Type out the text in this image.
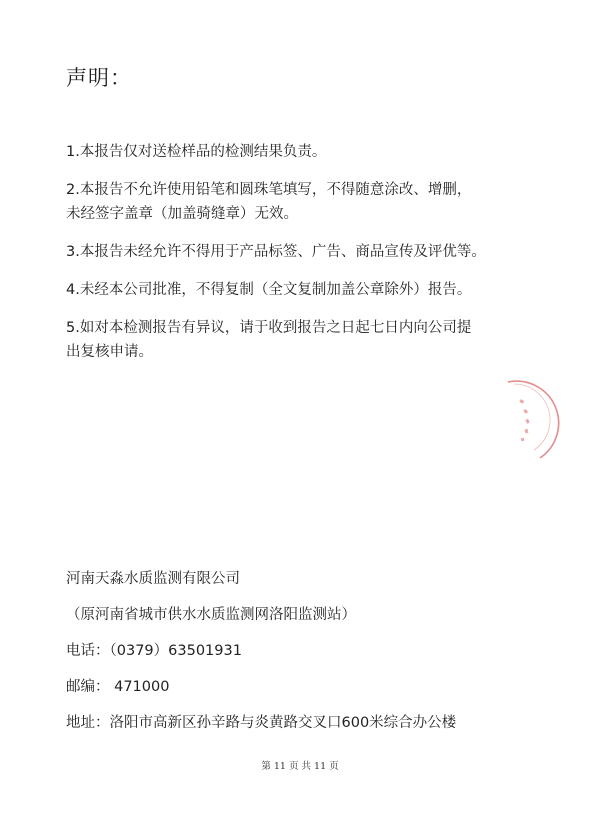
声明：
1.本报告仅对送检样品的检测结果负责。
2.本报告不允许使用铅笔和圆珠笔填写，不得随意涂改、增删，
未经签字盖章（加盖骑缝章）无效。
3.本报告未经允许不得用于产品标签、广告、商品宣传及评优等。
4.未经本公司批准，不得复制（全文复制加盖公章除外）报告。
5.如对本检测报告有异议，请于收到报告之日起七日内向公司提
出复核申请。
河南天淼水质监测有限公司
（原河南省城市供水水质监测网洛阳监测站）
电话：（0379）63501931
邮编： 471000
地址：洛阳市高新区孙辛路与炎黄路交叉口600米综合办公楼
第 11 页 共 11 页
